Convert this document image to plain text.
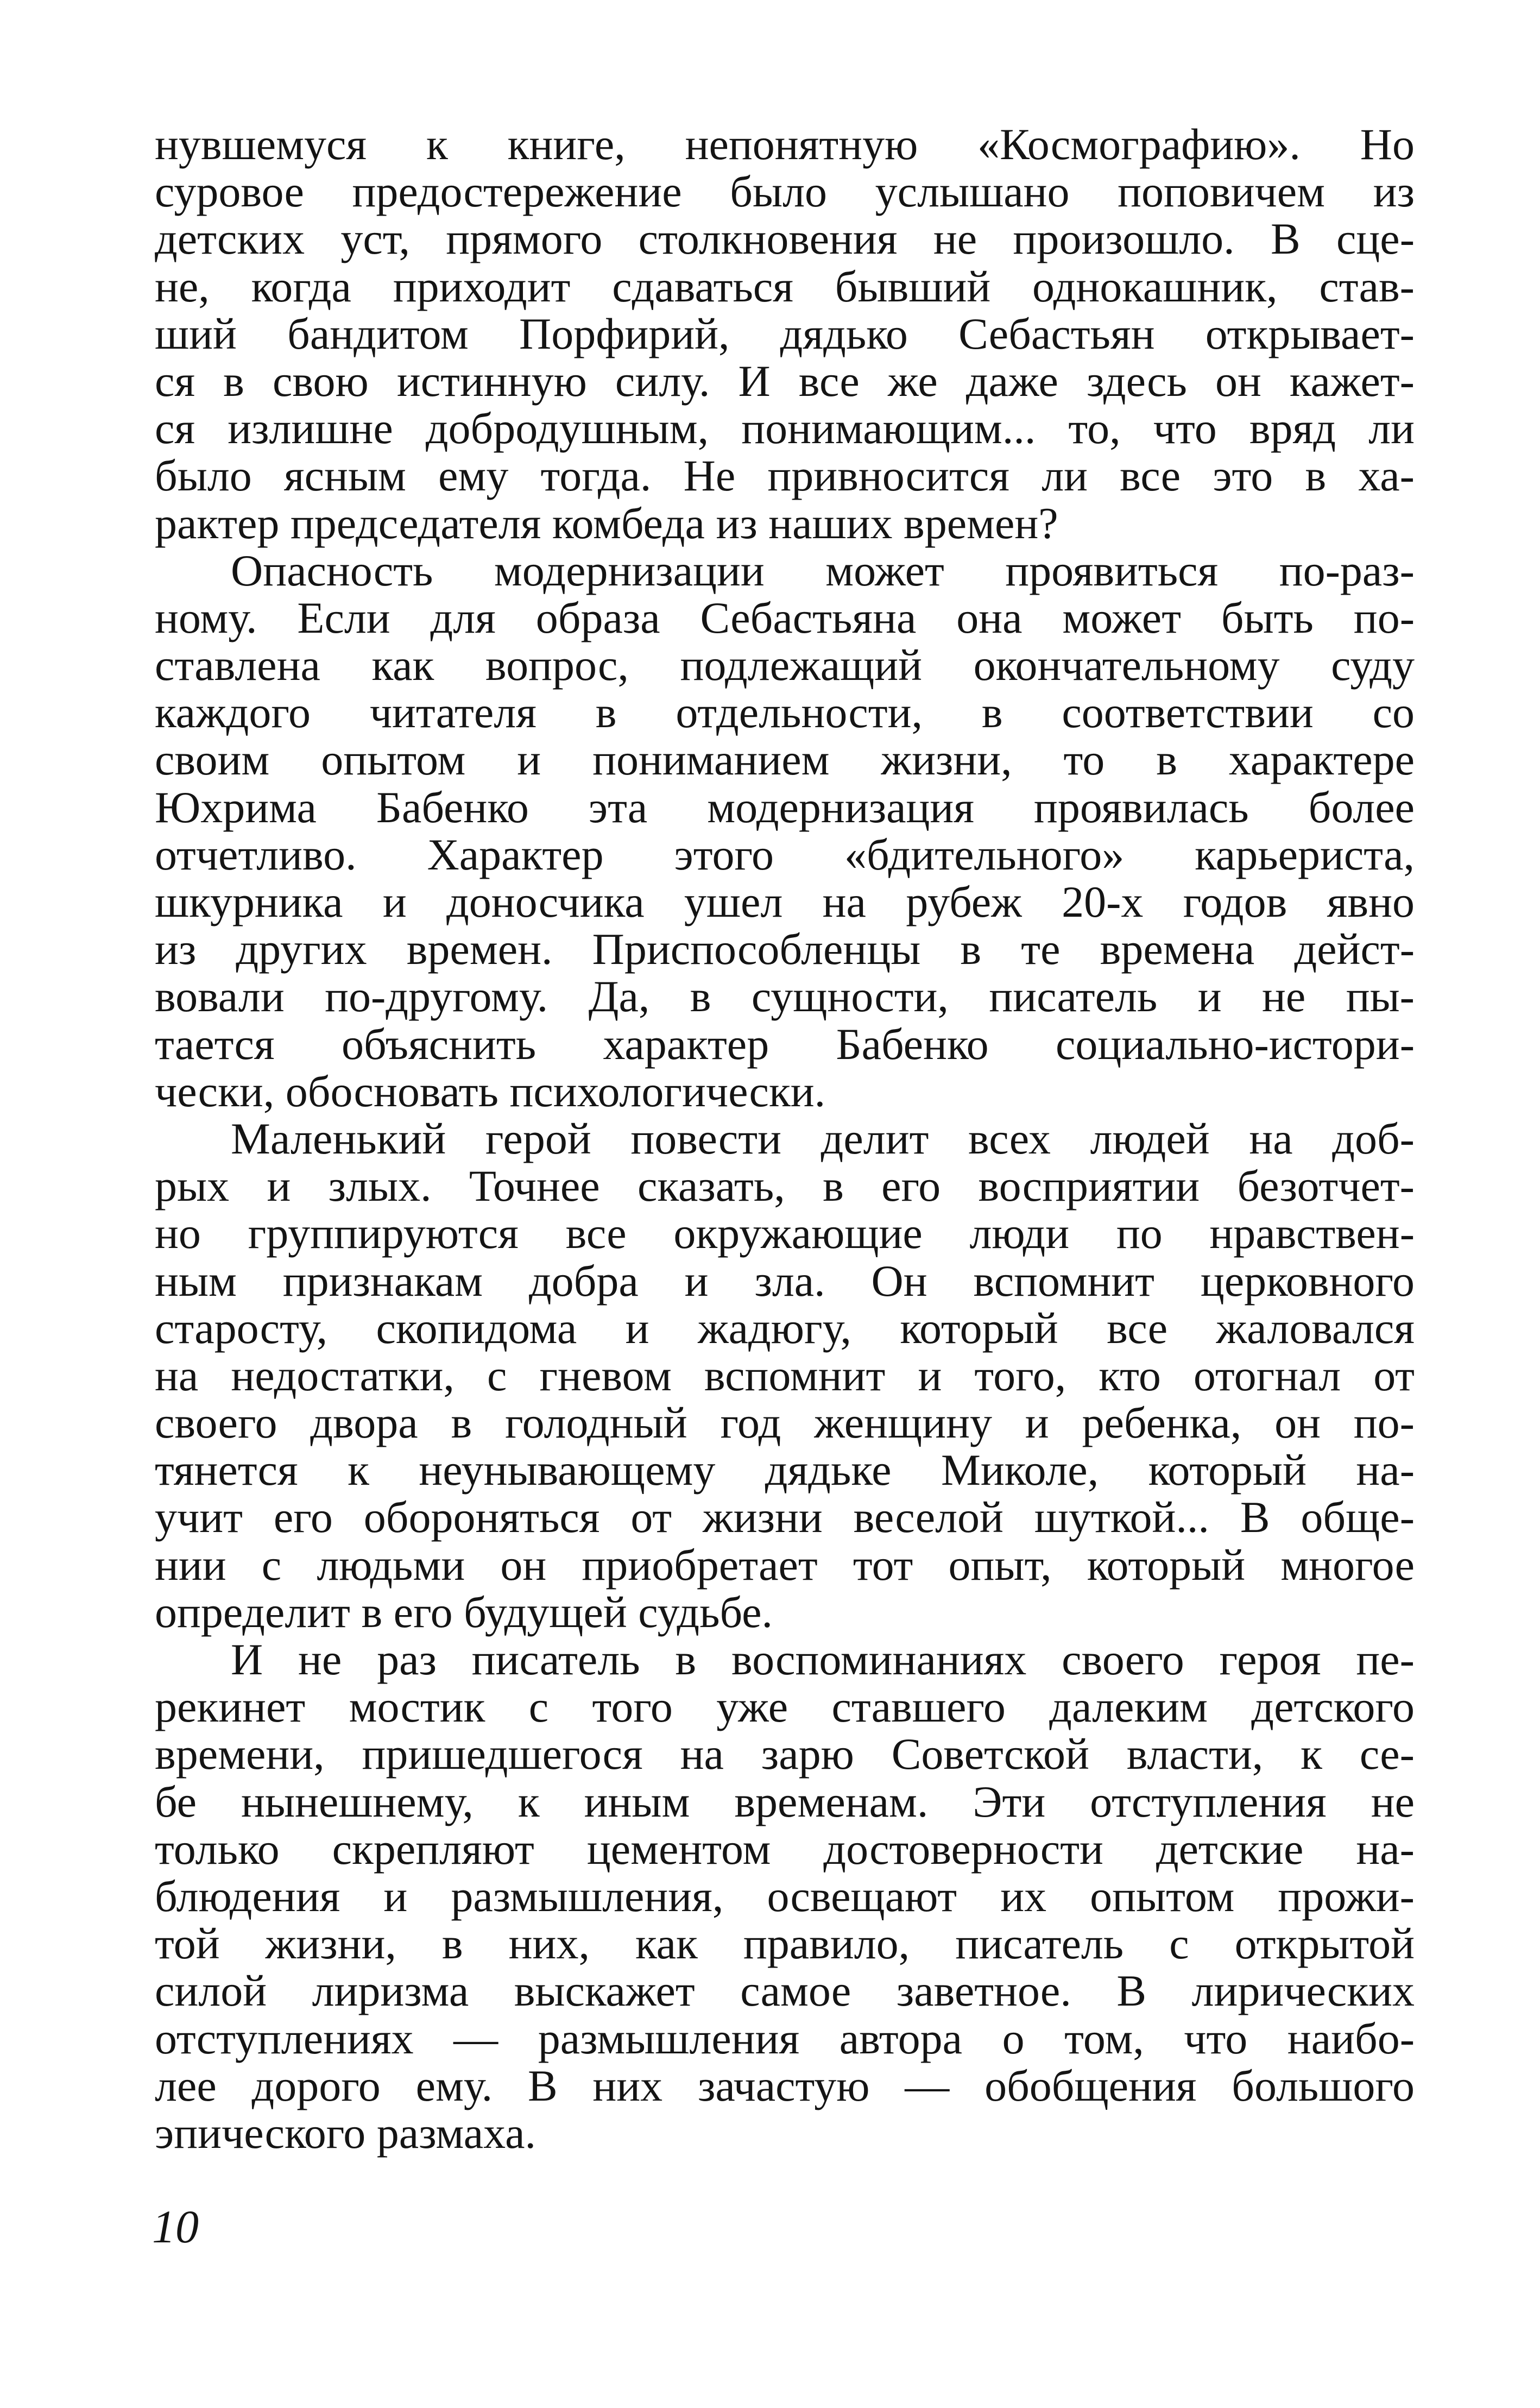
нувшемуся к книге, непонятную «Космографию». Но
суровое предостережение было услышано поповичем из
детских уст, прямого столкновения не произошло. В сце-
не, когда приходит сдаваться бывший однокашник, став-
ший бандитом Порфирий, дядько Себастьян открывает-
ся в свою истинную силу. И все же даже здесь он кажет-
ся излишне добродушным, понимающим... то, что вряд ли
было ясным ему тогда. Не привносится ли все это в ха-
рактер председателя комбеда из наших времен?
Опасность модернизации может проявиться по-раз-
ному. Если для образа Себастьяна она может быть по-
ставлена как вопрос, подлежащий окончательному суду
каждого читателя в отдельности, в соответствии со
своим опытом и пониманием жизни, то в характере
Юхрима Бабенко эта модернизация проявилась более
отчетливо. Характер этого «бдительного» карьериста,
шкурника и доносчика ушел на рубеж 20-х годов явно
из других времен. Приспособленцы в те времена дейст-
вовали по-другому. Да, в сущности, писатель и не пы-
тается объяснить характер Бабенко социально-истори-
чески, обосновать психологически.
Маленький герой повести делит всех людей на доб-
рых и злых. Точнее сказать, в его восприятии безотчет-
но группируются все окружающие люди по нравствен-
ным признакам добра и зла. Он вспомнит церковного
старосту, скопидома и жадюгу, который все жаловался
на недостатки, с гневом вспомнит и того, кто отогнал от
своего двора в голодный год женщину и ребенка, он по-
тянется к неунывающему дядьке Миколе, который на-
учит его обороняться от жизни веселой шуткой... В обще-
нии с людьми он приобретает тот опыт, который многое
определит в его будущей судьбе.
И не раз писатель в воспоминаниях своего героя пе-
рекинет мостик с того уже ставшего далеким детского
времени, пришедшегося на зарю Советской власти, к се-
бе нынешнему, к иным временам. Эти отступления не
только скрепляют цементом достоверности детские на-
блюдения и размышления, освещают их опытом прожи-
той жизни, в них, как правило, писатель с открытой
силой лиризма выскажет самое заветное. В лирических
отступлениях — размышления автора о том, что наибо-
лее дорого ему. В них зачастую — обобщения большого
эпического размаха.
10
